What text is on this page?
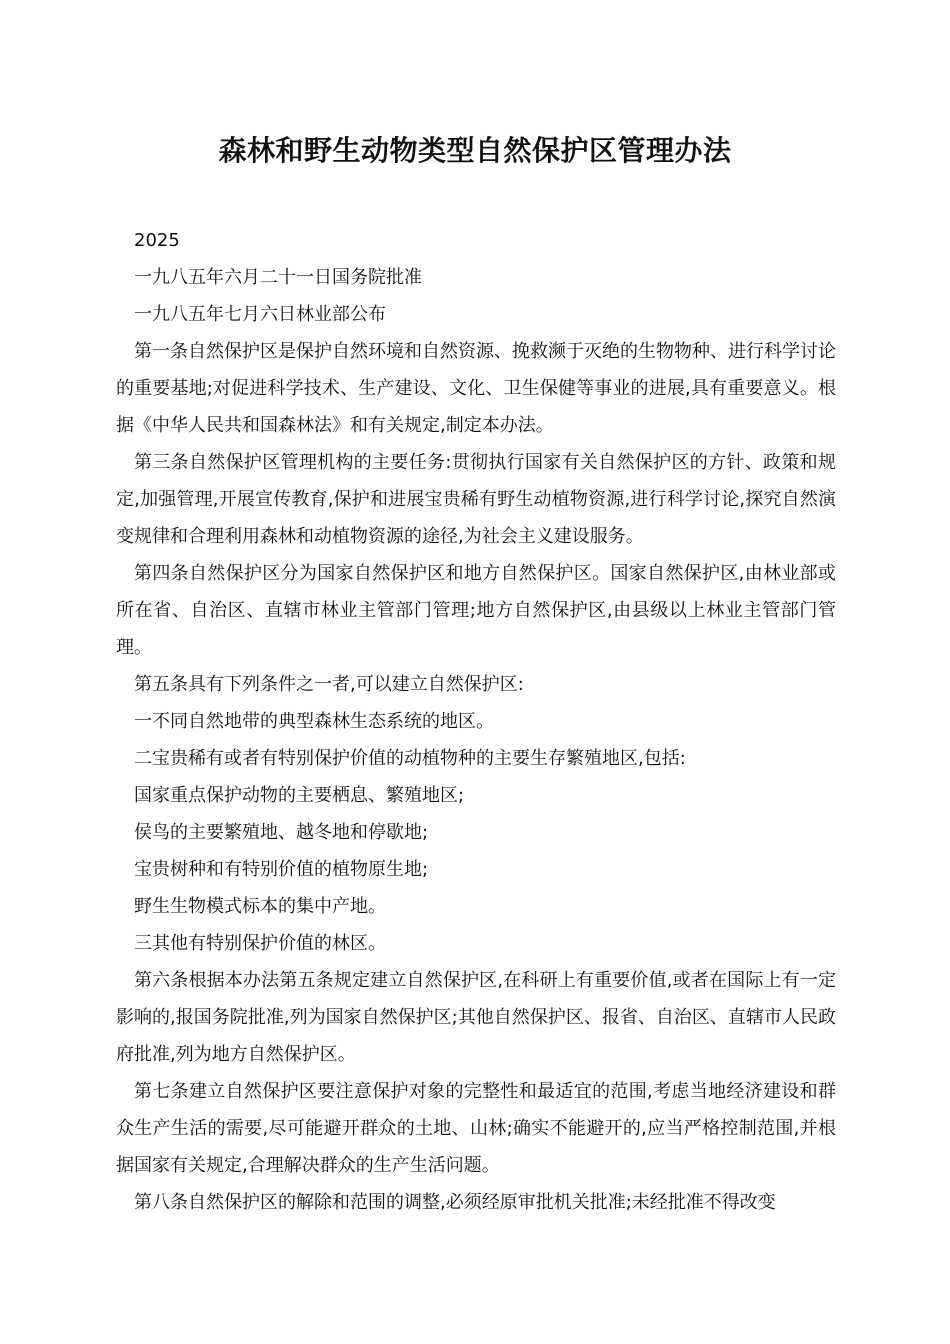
森林和野生动物类型自然保护区管理办法

2025

一九八五年六月二十一日国务院批准

一九八五年七月六日林业部公布

第一条自然保护区是保护自然环境和自然资源、挽救濒于灭绝的生物物种、进行科学讨论的重要基地;对促进科学技术、生产建设、文化、卫生保健等事业的进展,具有重要意义。根据《中华人民共和国森林法》和有关规定,制定本办法。

第三条自然保护区管理机构的主要任务:贯彻执行国家有关自然保护区的方针、政策和规定,加强管理,开展宣传教育,保护和进展宝贵稀有野生动植物资源,进行科学讨论,探究自然演变规律和合理利用森林和动植物资源的途径,为社会主义建设服务。

第四条自然保护区分为国家自然保护区和地方自然保护区。国家自然保护区,由林业部或所在省、自治区、直辖市林业主管部门管理;地方自然保护区,由县级以上林业主管部门管理。

第五条具有下列条件之一者,可以建立自然保护区:

一不同自然地带的典型森林生态系统的地区。

二宝贵稀有或者有特别保护价值的动植物种的主要生存繁殖地区,包括:

国家重点保护动物的主要栖息、繁殖地区;

侯鸟的主要繁殖地、越冬地和停歇地;

宝贵树种和有特别价值的植物原生地;

野生生物模式标本的集中产地。

三其他有特别保护价值的林区。

第六条根据本办法第五条规定建立自然保护区,在科研上有重要价值,或者在国际上有一定影响的,报国务院批准,列为国家自然保护区;其他自然保护区、报省、自治区、直辖市人民政府批准,列为地方自然保护区。

第七条建立自然保护区要注意保护对象的完整性和最适宜的范围,考虑当地经济建设和群众生产生活的需要,尽可能避开群众的土地、山林;确实不能避开的,应当严格控制范围,并根据国家有关规定,合理解决群众的生产生活问题。

第八条自然保护区的解除和范围的调整,必须经原审批机关批准;未经批准不得改变
